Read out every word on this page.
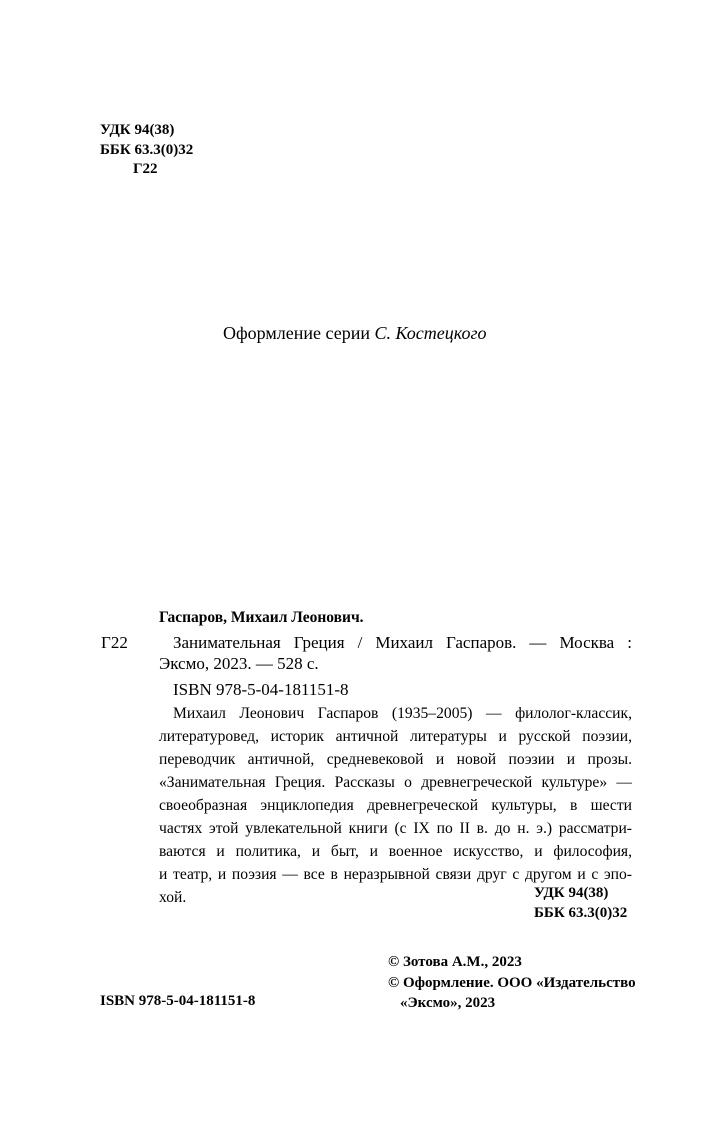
УДК 94(38)
ББК 63.3(0)32
Г22
Оформление серии С. Костецкого
Гаспаров, Михаил Леонович.
Г22	Занимательная Греция / Михаил Гаспаров. — Москва :
Эксмо, 2023. — 528 с.
ISBN 978-5-04-181151-8
Михаил Леонович Гаспаров (1935–2005) — филолог-классик,
литературовед, историк античной литературы и русской поэзии,
переводчик античной, средневековой и новой поэзии и прозы.
«Занимательная Греция. Рассказы о древнегреческой культуре» —
своеобразная энциклопедия древнегреческой культуры, в шести
частях этой увлекательной книги (с IX по II в. до н. э.) рассматри-
ваются и политика, и быт, и военное искусство, и философия,
и театр, и поэзия — все в неразрывной связи друг с другом и с эпо-
хой.	УДК 94(38)
ББК 63.3(0)32
© Зотова А.М., 2023
© Оформление. ООО «Издательство
«Эксмо», 2023
ISBN 978-5-04-181151-8
